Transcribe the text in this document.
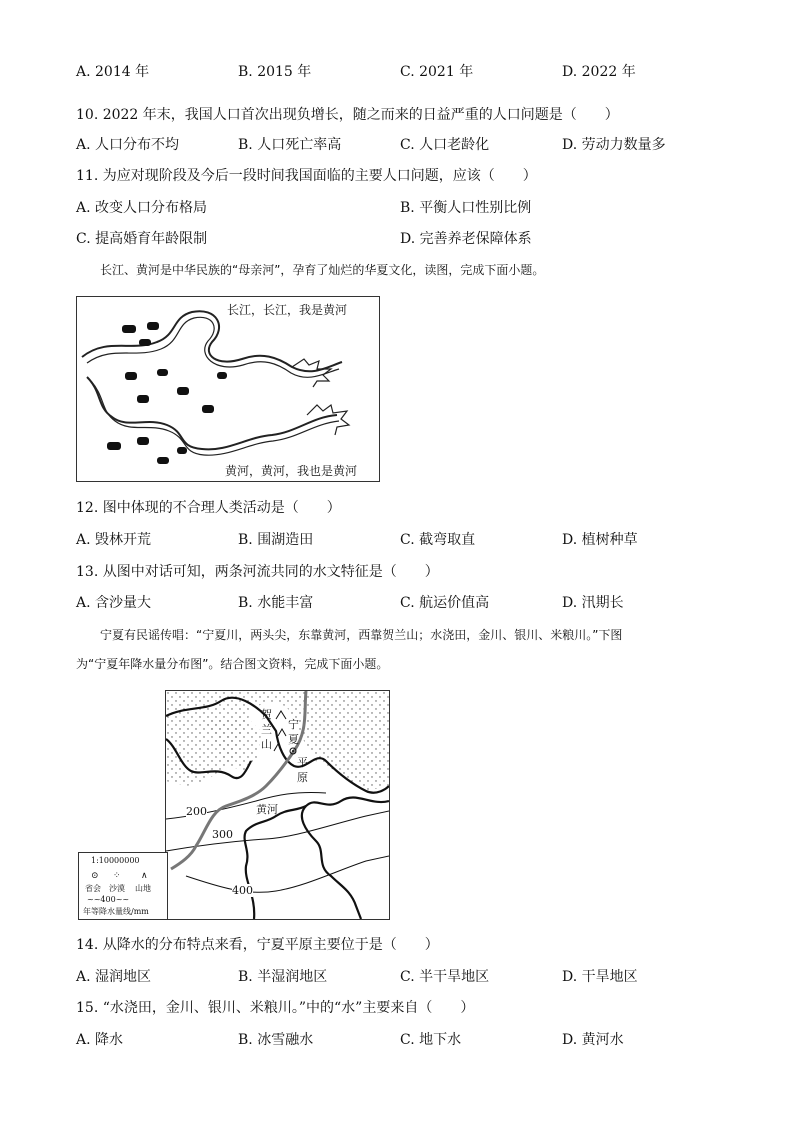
A. 2014 年	B. 2015 年	C. 2021 年	D. 2022 年
10. 2022 年末，我国人口首次出现负增长，随之而来的日益严重的人口问题是（　　）
A. 人口分布不均	B. 人口死亡率高	C. 人口老龄化	D. 劳动力数量多
11. 为应对现阶段及今后一段时间我国面临的主要人口问题，应该（　　）
A. 改变人口分布格局	B. 平衡人口性别比例
C. 提高婚育年龄限制	D. 完善养老保障体系
长江、黄河是中华民族的“母亲河”，孕育了灿烂的华夏文化，读图，完成下面小题。
长江，长江，我是黄河
黄河，黄河，我也是黄河
12. 图中体现的不合理人类活动是（　　）
A. 毁林开荒	B. 围湖造田	C. 截弯取直	D. 植树种草
13. 从图中对话可知，两条河流共同的水文特征是（　　）
A. 含沙量大	B. 水能丰富	C. 航运价值高	D. 汛期长
宁夏有民谣传唱：“宁夏川，两头尖，东靠黄河，西靠贺兰山；水浇田，金川、银川、米粮川。”下图
为“宁夏年降水量分布图”。结合图文资料，完成下面小题。
贺
兰
山
宁
夏
平
原
黄河
200
300
400
1:10000000
⊙ ⁘ ∧
省会 沙漠 山地
~~400~~
年等降水量线/mm
14. 从降水的分布特点来看，宁夏平原主要位于是（　　）
A. 湿润地区	B. 半湿润地区	C. 半干旱地区	D. 干旱地区
15. “水浇田，金川、银川、米粮川。”中的“水”主要来自（　　）
A. 降水	B. 冰雪融水	C. 地下水	D. 黄河水
